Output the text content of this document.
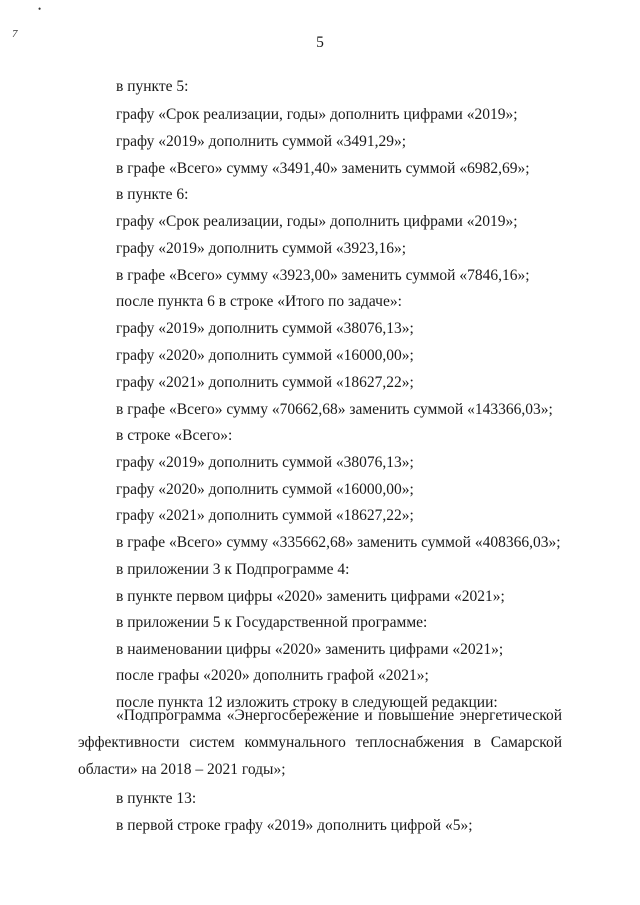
•
7	5
в пункте 5:
графу «Срок реализации, годы» дополнить цифрами «2019»;
графу «2019» дополнить суммой «3491,29»;
в графе «Всего» сумму «3491,40» заменить суммой «6982,69»;
в пункте 6:
графу «Срок реализации, годы» дополнить цифрами «2019»;
графу «2019» дополнить суммой «3923,16»;
в графе «Всего» сумму «3923,00» заменить суммой «7846,16»;
после пункта 6 в строке «Итого по задаче»:
графу «2019» дополнить суммой «38076,13»;
графу «2020» дополнить суммой «16000,00»;
графу «2021» дополнить суммой «18627,22»;
в графе «Всего» сумму «70662,68» заменить суммой «143366,03»;
в строке «Всего»:
графу «2019» дополнить суммой «38076,13»;
графу «2020» дополнить суммой «16000,00»;
графу «2021» дополнить суммой «18627,22»;
в графе «Всего» сумму «335662,68» заменить суммой «408366,03»;
в приложении 3 к Подпрограмме 4:
в пункте первом цифры «2020» заменить цифрами «2021»;
в приложении 5 к Государственной программе:
в наименовании цифры «2020» заменить цифрами «2021»;
после графы «2020» дополнить графой «2021»;
после пункта 12 изложить строку в следующей редакции:
«Подпрограмма «Энергосбережение и повышение энергетической
эффективности систем коммунального теплоснабжения в Самарской
области» на 2018 – 2021 годы»;
в пункте 13:
в первой строке графу «2019» дополнить цифрой «5»;
